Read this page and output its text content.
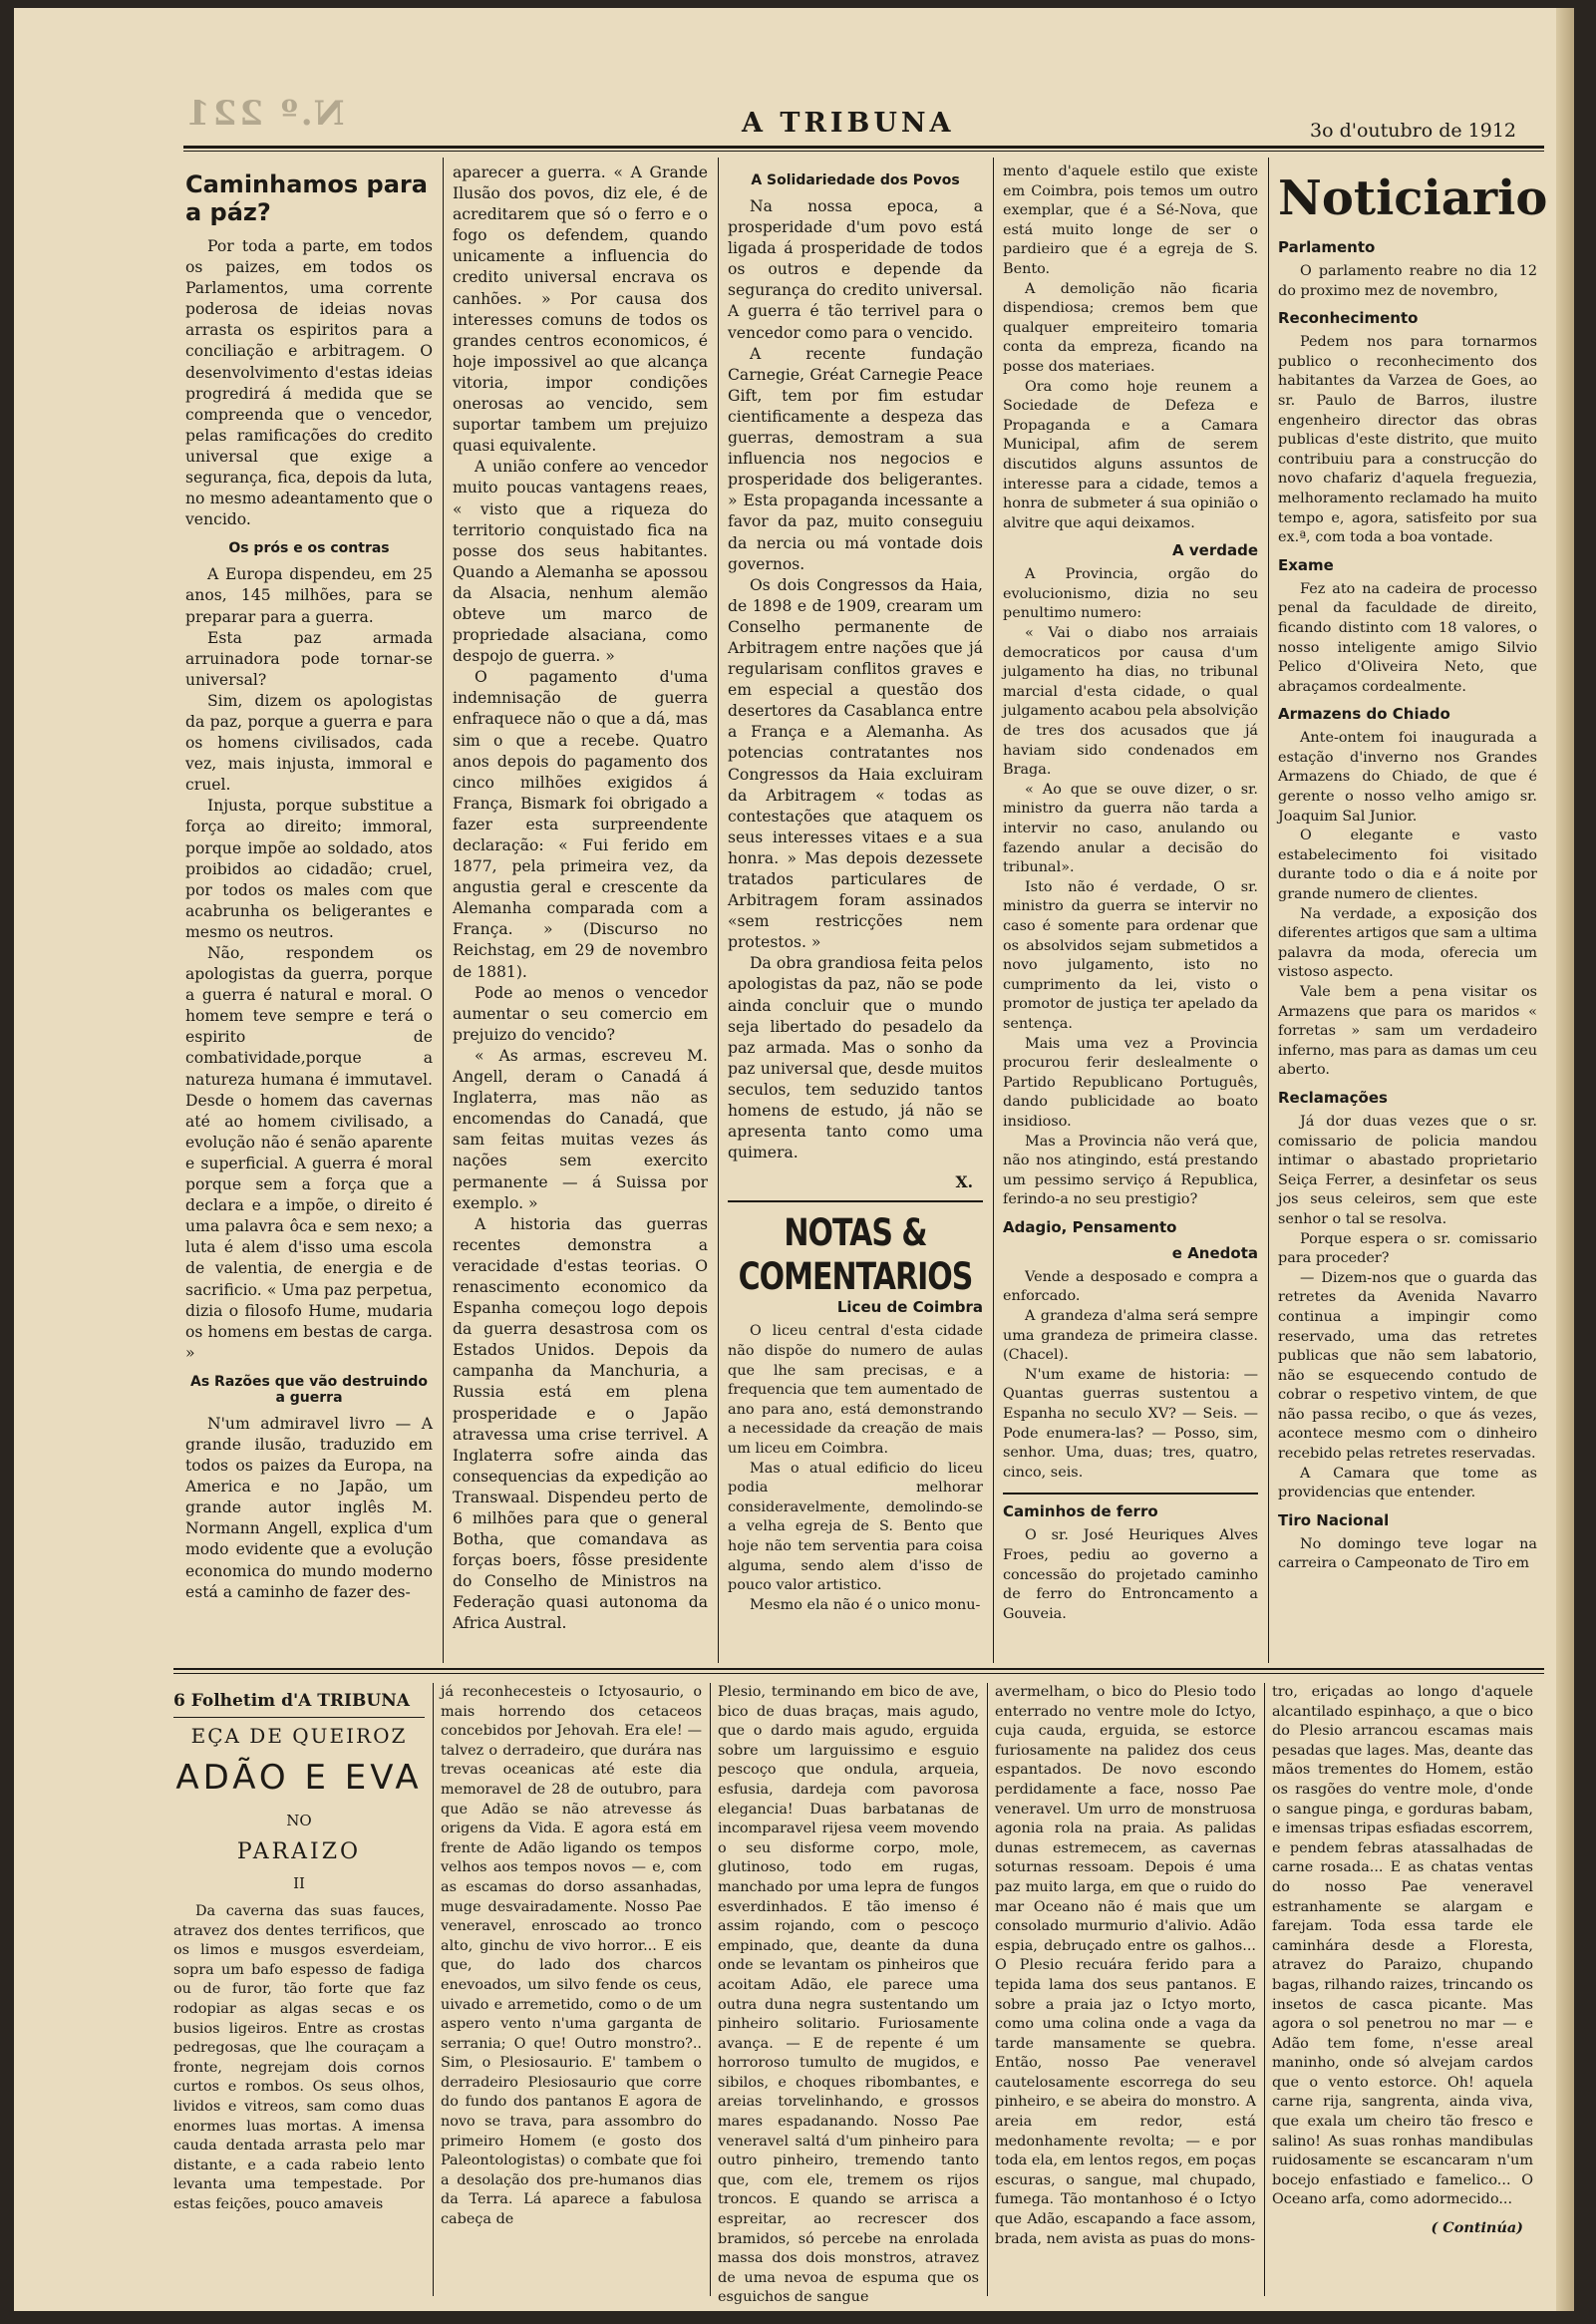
N.º 221	A TRIBUNA	3o d'outubro de 1912
Caminhamos para a páz?

Por toda a parte, em todos os paizes, em todos os Parlamentos, uma corrente poderosa de ideias novas arrasta os espiritos para a conciliação e arbitragem. O desenvolvimento d'estas ideias progredirá á medida que se compreenda que o vencedor, pelas ramificações do credito universal que exige a segurança, fica, depois da luta, no mesmo adeantamento que o vencido.

Os prós e os contras

A Europa dispendeu, em 25 anos, 145 milhões, para se preparar para a guerra.

Esta paz armada arruinadora pode tornar-se universal?

Sim, dizem os apologistas da paz, porque a guerra e para os homens civilisados, cada vez, mais injusta, immoral e cruel.

Injusta, porque substitue a força ao direito; immoral, porque impõe ao soldado, atos proibidos ao cidadão; cruel, por todos os males com que acabrunha os beligerantes e mesmo os neutros.

Não, respondem os apologistas da guerra, porque a guerra é natural e moral. O homem teve sempre e terá o espirito de combatividade,porque a natureza humana é immutavel. Desde o homem das cavernas até ao homem civilisado, a evolução não é senão aparente e superficial. A guerra é moral porque sem a força que a declara e a impõe, o direito é uma palavra ôca e sem nexo; a luta é alem d'isso uma escola de valentia, de energia e de sacrificio. « Uma paz perpetua, dizia o filosofo Hume, mudaria os homens em bestas de carga. »

As Razões que vão destruindo a guerra

N'um admiravel livro — A grande ilusão, traduzido em todos os paizes da Europa, na America e no Japão, um grande autor inglês M. Normann Angell, explica d'um modo evidente que a evolução economica do mundo moderno está a caminho de fazer des-

aparecer a guerra. « A Grande Ilusão dos povos, diz ele, é de acreditarem que só o ferro e o fogo os defendem, quando unicamente a influencia do credito universal encrava os canhões. » Por causa dos interesses comuns de todos os grandes centros economicos, é hoje impossivel ao que alcança vitoria, impor condições onerosas ao vencido, sem suportar tambem um prejuizo quasi equivalente.

A união confere ao vencedor muito poucas vantagens reaes, « visto que a riqueza do territorio conquistado fica na posse dos seus habitantes. Quando a Alemanha se apossou da Alsacia, nenhum alemão obteve um marco de propriedade alsaciana, como despojo de guerra. »

O pagamento d'uma indemnisação de guerra enfraquece não o que a dá, mas sim o que a recebe. Quatro anos depois do pagamento dos cinco milhões exigidos á França, Bismark foi obrigado a fazer esta surpreendente declaração: « Fui ferido em 1877, pela primeira vez, da angustia geral e crescente da Alemanha comparada com a França. » (Discurso no Reichstag, em 29 de novembro de 1881).

Pode ao menos o vencedor aumentar o seu comercio em prejuizo do vencido?

« As armas, escreveu M. Angell, deram o Canadá á Inglaterra, mas não as encomendas do Canadá, que sam feitas muitas vezes ás nações sem exercito permanente — á Suissa por exemplo. »

A historia das guerras recentes demonstra a veracidade d'estas teorias. O renascimento economico da Espanha começou logo depois da guerra desastrosa com os Estados Unidos. Depois da campanha da Manchuria, a Russia está em plena prosperidade e o Japão atravessa uma crise terrivel. A Inglaterra sofre ainda das consequencias da expedição ao Transwaal. Dispendeu perto de 6 milhões para que o general Botha, que comandava as forças boers, fôsse presidente do Conselho de Ministros na Federação quasi autonoma da Africa Austral.

A Solidariedade dos Povos

Na nossa epoca, a prosperidade d'um povo está ligada á prosperidade de todos os outros e depende da segurança do credito universal. A guerra é tão terrivel para o vencedor como para o vencido.

A recente fundação Carnegie, Gréat Carnegie Peace Gift, tem por fim estudar cientificamente a despeza das guerras, demostram a sua influencia nos negocios e prosperidade dos beligerantes. » Esta propaganda incessante a favor da paz, muito conseguiu da nercia ou má vontade dois governos.

Os dois Congressos da Haia, de 1898 e de 1909, crearam um Conselho permanente de Arbitragem entre nações que já regularisam conflitos graves e em especial a questão dos desertores da Casablanca entre a França e a Alemanha. As potencias contratantes nos Congressos da Haia excluiram da Arbitragem « todas as contestações que ataquem os seus interesses vitaes e a sua honra. » Mas depois dezessete tratados particulares de Arbitragem foram assinados «sem restricções nem protestos. »

Da obra grandiosa feita pelos apologistas da paz, não se pode ainda concluir que o mundo seja libertado do pesadelo da paz armada. Mas o sonho da paz universal que, desde muitos seculos, tem seduzido tantos homens de estudo, já não se apresenta tanto como uma quimera.

X.
NOTAS & COMENTARIOS
Liceu de Coimbra

O liceu central d'esta cidade não dispõe do numero de aulas que lhe sam precisas, e a frequencia que tem aumentado de ano para ano, está demonstrando a necessidade da creação de mais um liceu em Coimbra.

Mas o atual edificio do liceu podia melhorar consideravelmente, demolindo-se a velha egreja de S. Bento que hoje não tem serventia para coisa alguma, sendo alem d'isso de pouco valor artistico.

Mesmo ela não é o unico monu-

mento d'aquele estilo que existe em Coimbra, pois temos um outro exemplar, que é a Sé-Nova, que está muito longe de ser o pardieiro que é a egreja de S. Bento.

A demolição não ficaria dispendiosa; cremos bem que qualquer empreiteiro tomaria conta da empreza, ficando na posse dos materiaes.

Ora como hoje reunem a Sociedade de Defeza e Propaganda e a Camara Municipal, afim de serem discutidos alguns assuntos de interesse para a cidade, temos a honra de submeter á sua opinião o alvitre que aqui deixamos.

A verdade

A Provincia, orgão do evolucionismo, dizia no seu penultimo numero:

« Vai o diabo nos arraiais democraticos por causa d'um julgamento ha dias, no tribunal marcial d'esta cidade, o qual julgamento acabou pela absolvição de tres dos acusados que já haviam sido condenados em Braga.

« Ao que se ouve dizer, o sr. ministro da guerra não tarda a intervir no caso, anulando ou fazendo anular a decisão do tribunal».

Isto não é verdade, O sr. ministro da guerra se intervir no caso é somente para ordenar que os absolvidos sejam submetidos a novo julgamento, isto no cumprimento da lei, visto o promotor de justiça ter apelado da sentença.

Mais uma vez a Provincia procurou ferir deslealmente o Partido Republicano Português, dando publicidade ao boato insidioso.

Mas a Provincia não verá que, não nos atingindo, está prestando um pessimo serviço á Republica, ferindo-a no seu prestigio?

Adagio, Pensamento
e Anedota

Vende a desposado e compra a enforcado.

A grandeza d'alma será sempre uma grandeza de primeira classe. (Chacel).

N'um exame de historia: — Quantas guerras sustentou a Espanha no seculo XV? — Seis. — Pode enumera-las? — Posso, sim, senhor. Uma, duas; tres, quatro, cinco, seis.

Caminhos de ferro

O sr. José Heuriques Alves Froes, pediu ao governo a concessão do projetado caminho de ferro do Entroncamento a Gouveia.

Noticiario
Parlamento

O parlamento reabre no dia 12 do proximo mez de novembro,

Reconhecimento

Pedem nos para tornarmos publico o reconhecimento dos habitantes da Varzea de Goes, ao sr. Paulo de Barros, ilustre engenheiro director das obras publicas d'este distrito, que muito contribuiu para a construcção do novo chafariz d'aquela freguezia, melhoramento reclamado ha muito tempo e, agora, satisfeito por sua ex.ª, com toda a boa vontade.

Exame

Fez ato na cadeira de processo penal da faculdade de direito, ficando distinto com 18 valores, o nosso inteligente amigo Silvio Pelico d'Oliveira Neto, que abraçamos cordealmente.

Armazens do Chiado

Ante-ontem foi inaugurada a estação d'inverno nos Grandes Armazens do Chiado, de que é gerente o nosso velho amigo sr. Joaquim Sal Junior.

O elegante e vasto estabelecimento foi visitado durante todo o dia e á noite por grande numero de clientes.

Na verdade, a exposição dos diferentes artigos que sam a ultima palavra da moda, oferecia um vistoso aspecto.

Vale bem a pena visitar os Armazens que para os maridos « forretas » sam um verdadeiro inferno, mas para as damas um ceu aberto.

Reclamações

Já dor duas vezes que o sr. comissario de policia mandou intimar o abastado proprietario Seiça Ferrer, a desinfetar os seus jos seus celeiros, sem que este senhor o tal se resolva.

Porque espera o sr. comissario para proceder?

— Dizem-nos que o guarda das retretes da Avenida Navarro continua a impingir como reservado, uma das retretes publicas que não sem labatorio, não se esquecendo contudo de cobrar o respetivo vintem, de que não passa recibo, o que ás vezes, acontece mesmo com o dinheiro recebido pelas retretes reservadas.

A Camara que tome as providencias que entender.

Tiro Nacional

No domingo teve logar na carreira o Campeonato de Tiro em

6 Folhetim d'A TRIBUNA
EÇA DE QUEIROZ
ADÃO E EVA
NO
PARAIZO
II

Da caverna das suas fauces, atravez dos dentes terrificos, que os limos e musgos esverdeiam, sopra um bafo espesso de fadiga ou de furor, tão forte que faz rodopiar as algas secas e os busios ligeiros. Entre as crostas pedregosas, que lhe couraçam a fronte, negrejam dois cornos curtos e rombos. Os seus olhos, lividos e vitreos, sam como duas enormes luas mortas. A imensa cauda dentada arrasta pelo mar distante, e a cada rabeio lento levanta uma tempestade. Por estas feições, pouco amaveis

já reconhecesteis o Ictyosaurio, o mais horrendo dos cetaceos concebidos por Jehovah. Era ele! — talvez o derradeiro, que durára nas trevas oceanicas até este dia memoravel de 28 de outubro, para que Adão se não atrevesse ás origens da Vida. E agora está em frente de Adão ligando os tempos velhos aos tempos novos — e, com as escamas do dorso assanhadas, muge desvairadamente. Nosso Pae veneravel, enroscado ao tronco alto, ginchu de vivo horror... E eis que, do lado dos charcos enevoados, um silvo fende os ceus, uivado e arremetido, como o de um aspero vento n'uma garganta de serrania; O que! Outro monstro?.. Sim, o Plesiosaurio. E' tambem o derradeiro Plesiosaurio que corre do fundo dos pantanos E agora de novo se trava, para assombro do primeiro Homem (e gosto dos Paleontologistas) o combate que foi a desolação dos pre-humanos dias da Terra. Lá aparece a fabulosa cabeça de

Plesio, terminando em bico de ave, bico de duas braças, mais agudo, que o dardo mais agudo, erguida sobre um larguissimo e esguio pescoço que ondula, arqueia, esfusia, dardeja com pavorosa elegancia! Duas barbatanas de incomparavel rijesa veem movendo o seu disforme corpo, mole, glutinoso, todo em rugas, manchado por uma lepra de fungos esverdinhados. E tão imenso é assim rojando, com o pescoço empinado, que, deante da duna onde se levantam os pinheiros que acoitam Adão, ele parece uma outra duna negra sustentando um pinheiro solitario. Furiosamente avança. — E de repente é um horroroso tumulto de mugidos, e sibilos, e choques ribombantes, e areias torvelinhando, e grossos mares espadanando. Nosso Pae veneravel saltá d'um pinheiro para outro pinheiro, tremendo tanto que, com ele, tremem os rijos troncos. E quando se arrisca a espreitar, ao recrescer dos bramidos, só percebe na enrolada massa dos dois monstros, atravez de uma nevoa de espuma que os esguichos de sangue

avermelham, o bico do Plesio todo enterrado no ventre mole do Ictyo, cuja cauda, erguida, se estorce furiosamente na palidez dos ceus espantados. De novo escondo perdidamente a face, nosso Pae veneravel. Um urro de monstruosa agonia rola na praia. As palidas dunas estremecem, as cavernas soturnas ressoam. Depois é uma paz muito larga, em que o ruido do mar Oceano não é mais que um consolado murmurio d'alivio. Adão espia, debruçado entre os galhos... O Plesio recuára ferido para a tepida lama dos seus pantanos. E sobre a praia jaz o Ictyo morto, como uma colina onde a vaga da tarde mansamente se quebra. Então, nosso Pae veneravel cautelosamente escorrega do seu pinheiro, e se abeira do monstro. A areia em redor, está medonhamente revolta; — e por toda ela, em lentos regos, em poças escuras, o sangue, mal chupado, fumega. Tão montanhoso é o Ictyo que Adão, escapando a face assom, brada, nem avista as puas do mons-

tro, eriçadas ao longo d'aquele alcantilado espinhaço, a que o bico do Plesio arrancou escamas mais pesadas que lages. Mas, deante das mãos trementes do Homem, estão os rasgões do ventre mole, d'onde o sangue pinga, e gorduras babam, e imensas tripas esfiadas escorrem, e pendem febras atassalhadas de carne rosada... E as chatas ventas do nosso Pae veneravel estranhamente se alargam e farejam. Toda essa tarde ele caminhára desde a Floresta, atravez do Paraizo, chupando bagas, rilhando raizes, trincando os insetos de casca picante. Mas agora o sol penetrou no mar — e Adão tem fome, n'esse areal maninho, onde só alvejam cardos que o vento estorce. Oh! aquela carne rija, sangrenta, ainda viva, que exala um cheiro tão fresco e salino! As suas ronhas mandibulas ruidosamente se escancaram n'um bocejo enfastiado e famelico... O Oceano arfa, como adormecido...

( Continúa)
